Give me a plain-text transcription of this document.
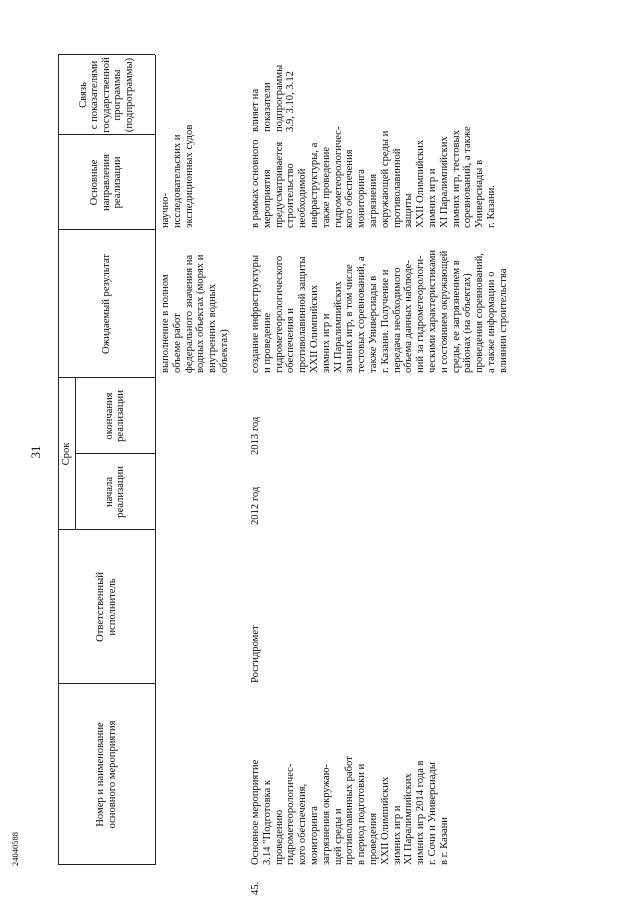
31
Номер и наименование
основного мероприятия
Ответственный
исполнитель
Срок
начала
реализации
окончания
реализации
Ожидаемый результат
Основные направления
реализации
Связь
с показателями
государственной
программы
(подпрограммы)
выполнение в полном
объеме работ
федерального значения на
водных объектах (морях и
внутренних водных
объектах)
научно-
исследовательских и
экспедиционных судов
45.
Основное мероприятие
3.14 "Подготовка к
проведению
гидрометеорологичес-
кого обеспечения,
мониторинга
загрязнения окружаю-
щей среды и
противолавинных работ
в период подготовки и
проведения
XXII Олимпийских
зимних игр и
XI Паралимпийских
зимних игр 2014 года в
г. Сочи и Универсиады
в г. Казани
Росгидромет
2012 год
2013 год
создание инфраструктуры
и проведение
гидрометеорологического
обеспечения и
противолавинной защиты
XXII Олимпийских
зимних игр и
XI Паралимпийских
зимних игр, в том числе
тестовых соревнований, а
также Универсиады в
г. Казани. Получение и
передача необходимого
объема данных наблюде-
ний за гидрометеорологи-
ческими характеристиками
и состоянием окружающей
среды, ее загрязнением в
районах (на объектах)
проведения соревнований,
а также информации о
влиянии строительства
в рамках основного
мероприятия
предусматривается
строительство
необходимой
инфраструктуры, а
также проведение
гидрометеорологичес-
кого обеспечения
мониторинга
загрязнения
окружающей среды и
противолавинной
защиты
XXII Олимпийских
зимних игр и
XI Паралимпийских
зимних игр, тестовых
соревнований, а также
Универсиады в
г. Казани.
влияет на
показатели
подпрограммы
3.9, 3.10, 3.12
24040588
